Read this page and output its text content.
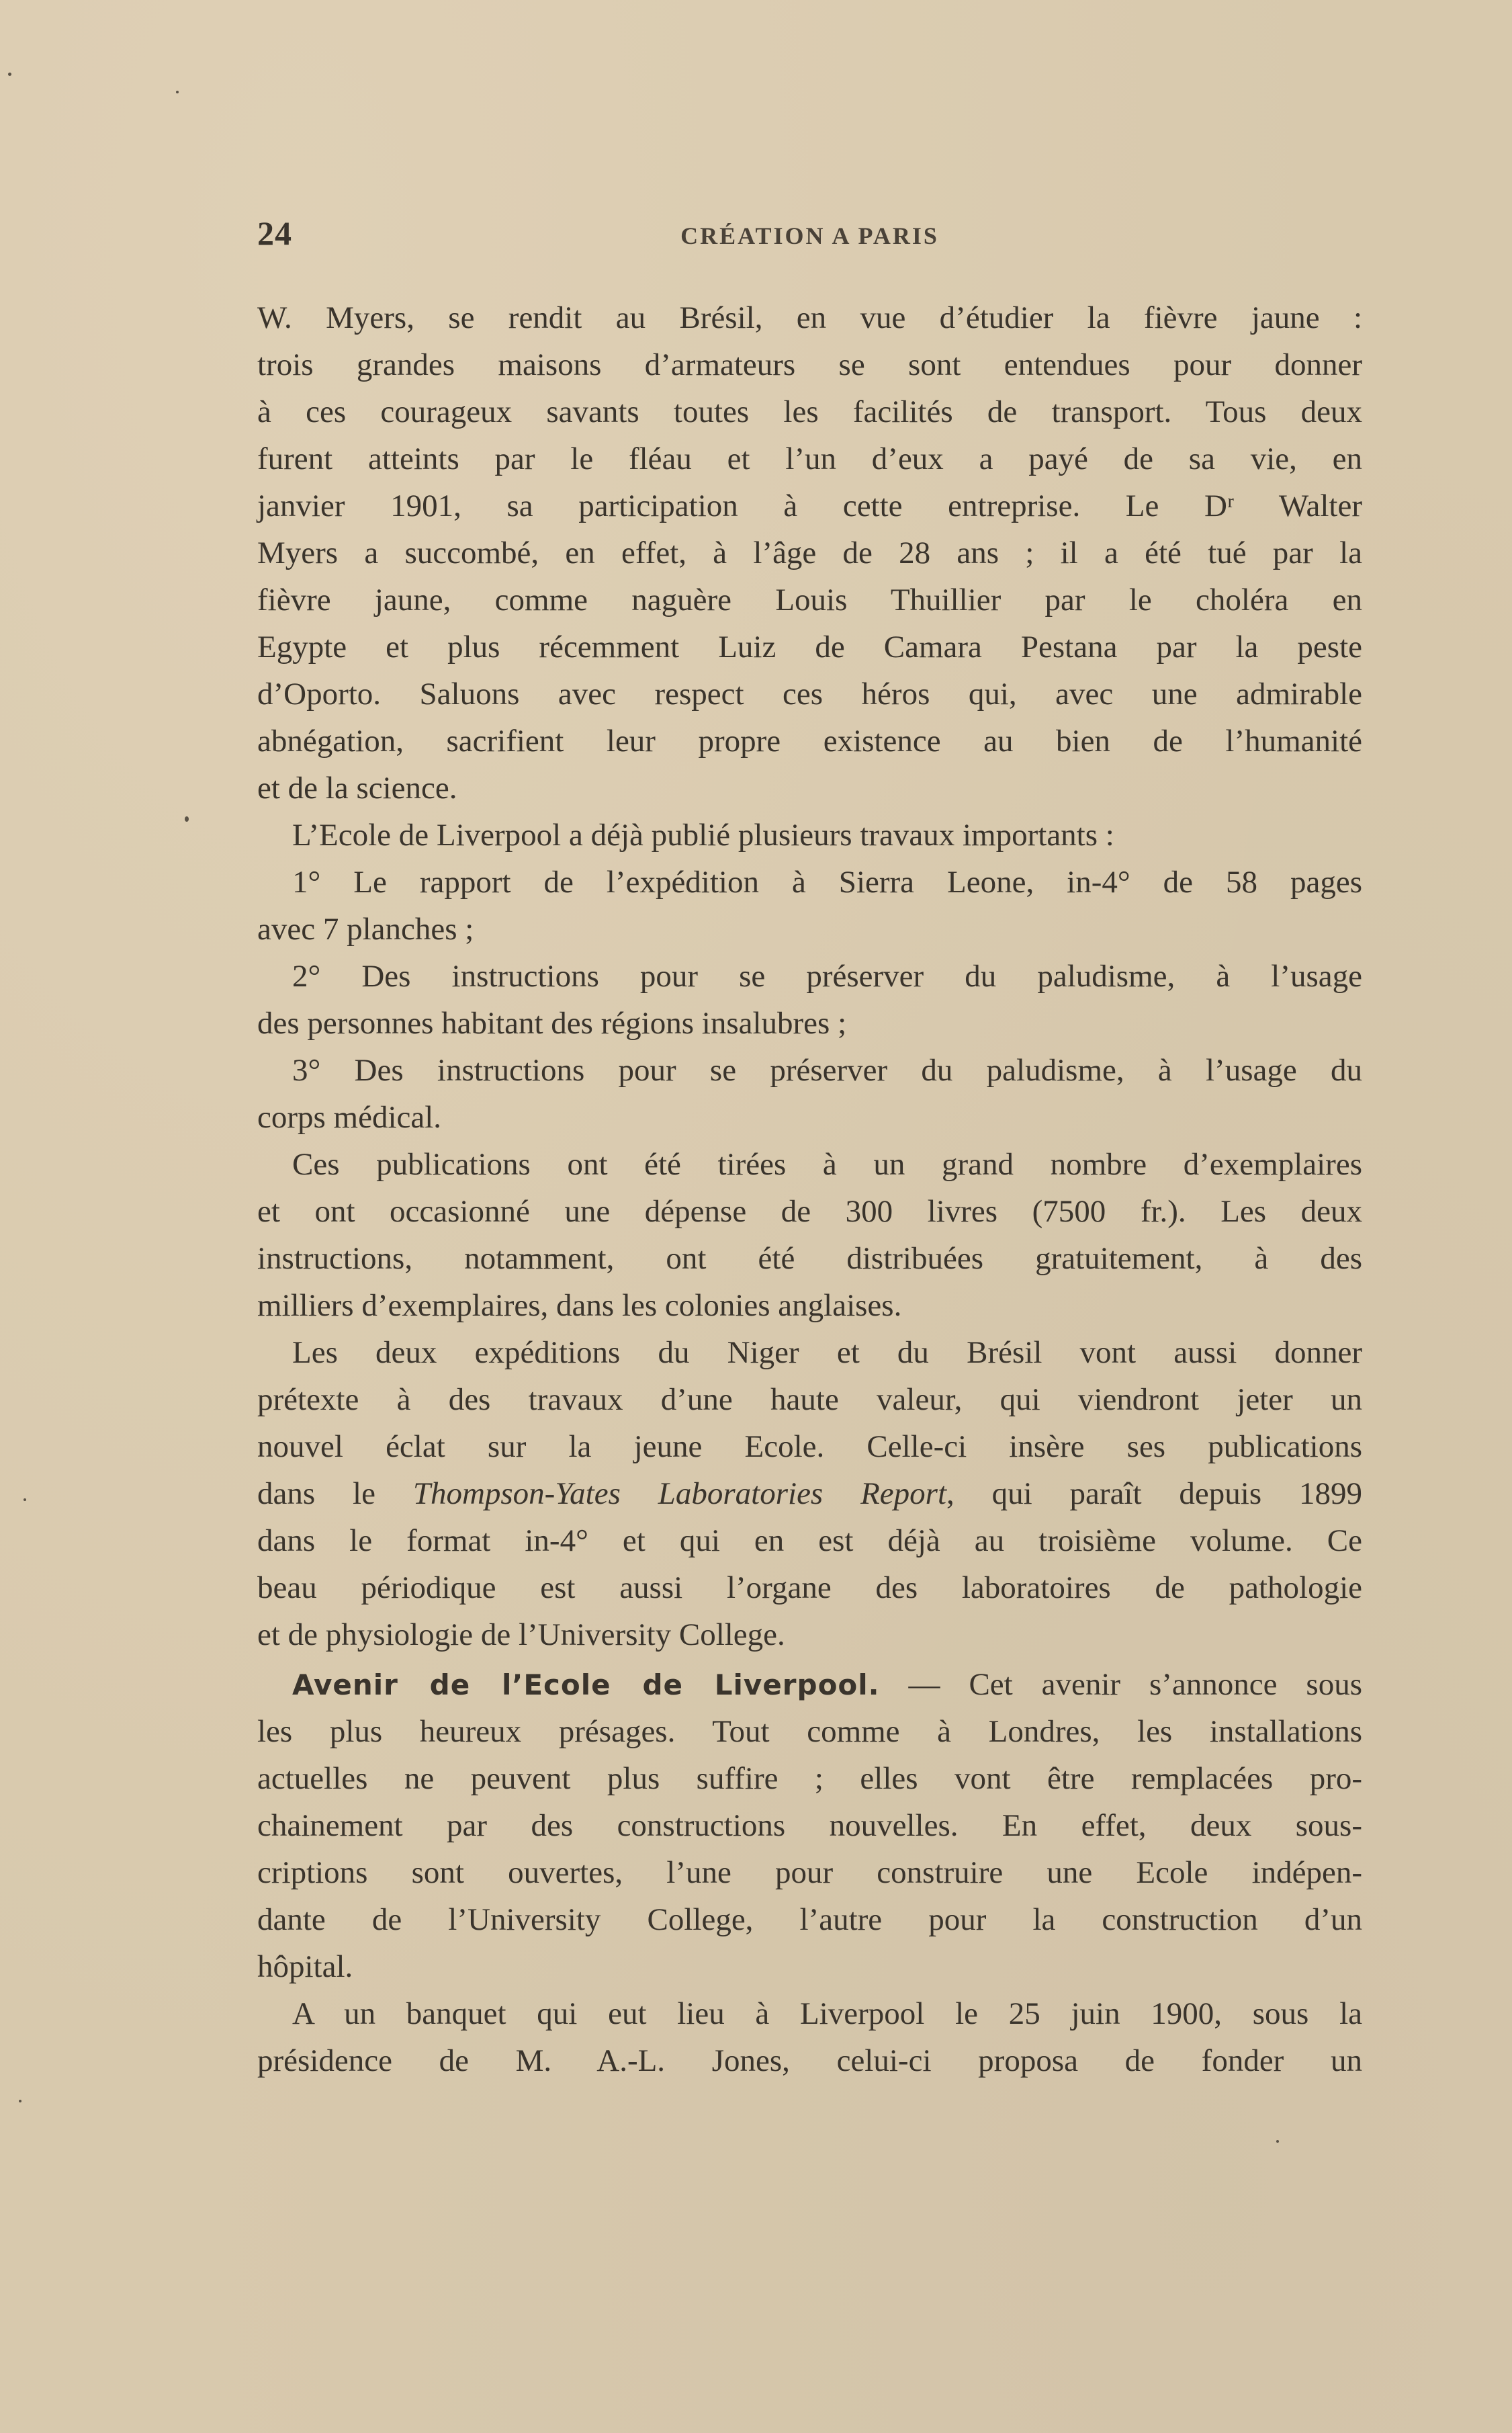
24	CRÉATION A PARIS
W. Myers, se rendit au Brésil, en vue d’étudier la fièvre jaune :
trois grandes maisons d’armateurs se sont entendues pour donner
à ces courageux savants toutes les facilités de transport. Tous deux
furent atteints par le fléau et l’un d’eux a payé de sa vie, en
janvier 1901, sa participation à cette entreprise. Le Dʳ Walter
Myers a succombé, en effet, à l’âge de 28 ans ; il a été tué par la
fièvre jaune, comme naguère Louis Thuillier par le choléra en
Egypte et plus récemment Luiz de Camara Pestana par la peste
d’Oporto. Saluons avec respect ces héros qui, avec une admirable
abnégation, sacrifient leur propre existence au bien de l’humanité
et de la science.
L’Ecole de Liverpool a déjà publié plusieurs travaux importants :
1° Le rapport de l’expédition à Sierra Leone, in-4° de 58 pages
avec 7 planches ;
2° Des instructions pour se préserver du paludisme, à l’usage
des personnes habitant des régions insalubres ;
3° Des instructions pour se préserver du paludisme, à l’usage du
corps médical.
Ces publications ont été tirées à un grand nombre d’exemplaires
et ont occasionné une dépense de 300 livres (7500 fr.). Les deux
instructions, notamment, ont été distribuées gratuitement, à des
milliers d’exemplaires, dans les colonies anglaises.
Les deux expéditions du Niger et du Brésil vont aussi donner
prétexte à des travaux d’une haute valeur, qui viendront jeter un
nouvel éclat sur la jeune Ecole. Celle-ci insère ses publications
dans le Thompson-Yates Laboratories Report, qui paraît depuis 1899
dans le format in-4° et qui en est déjà au troisième volume. Ce
beau périodique est aussi l’organe des laboratoires de pathologie
et de physiologie de l’University College.
Avenir de l’Ecole de Liverpool. — Cet avenir s’annonce sous
les plus heureux présages. Tout comme à Londres, les installations
actuelles ne peuvent plus suffire ; elles vont être remplacées pro-
chainement par des constructions nouvelles. En effet, deux sous-
criptions sont ouvertes, l’une pour construire une Ecole indépen-
dante de l’University College, l’autre pour la construction d’un
hôpital.
A un banquet qui eut lieu à Liverpool le 25 juin 1900, sous la
présidence de M. A.-L. Jones, celui-ci proposa de fonder un
